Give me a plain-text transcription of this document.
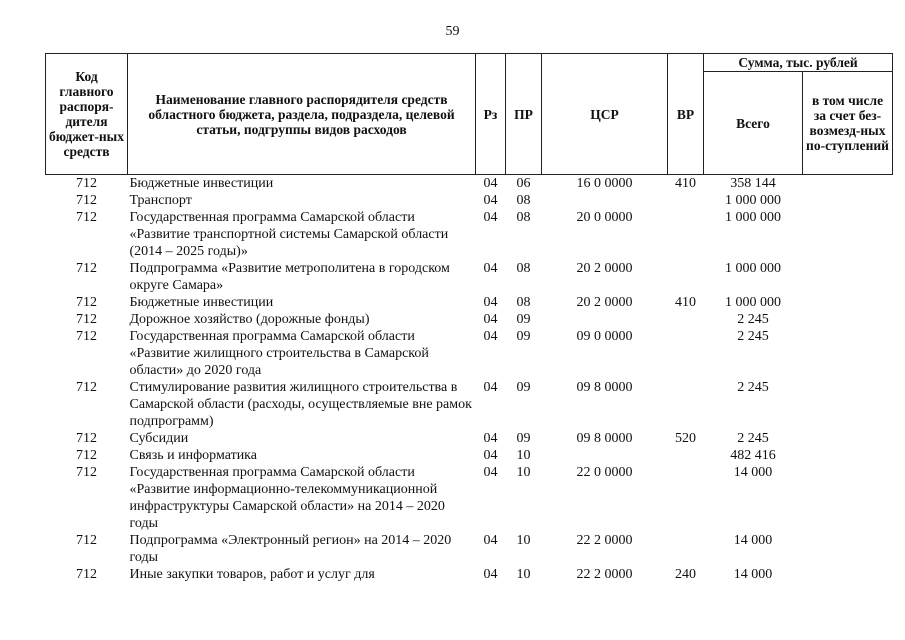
59
Код главного распоря-дителя бюджет-ных средств	Наименование главного распорядителя средств областного бюджета, раздела, подраздела, целевой статьи, подгруппы видов расходов	Рз	ПР	ЦСР	ВР	Сумма, тыс. рублей	
						Всего	в том числе за счет без-возмезд-ных по-ступлений
712	Бюджетные инвестиции	04	06	16 0 0000	410	358 144	
712	Транспорт	04	08			1 000 000	
712	Государственная программа Самарской области «Развитие транспортной системы Самарской области (2014 – 2025 годы)»	04	08	20 0 0000		1 000 000	
712	Подпрограмма «Развитие метрополитена в городском округе Самара»	04	08	20 2 0000		1 000 000	
712	Бюджетные инвестиции	04	08	20 2 0000	410	1 000 000	
712	Дорожное хозяйство (дорожные фонды)	04	09			2 245	
712	Государственная программа Самарской области «Развитие жилищного строительства в Самарской области» до 2020 года	04	09	09 0 0000		2 245	
712	Стимулирование развития жилищного строительства в Самарской области (расходы, осуществляемые вне рамок подпрограмм)	04	09	09 8 0000		2 245	
712	Субсидии	04	09	09 8 0000	520	2 245	
712	Связь и информатика	04	10			482 416	
712	Государственная программа Самарской области «Развитие информационно-телекоммуникационной инфраструктуры Самарской области» на 2014 – 2020 годы	04	10	22 0 0000		14 000	
712	Подпрограмма «Электронный регион» на 2014 – 2020 годы	04	10	22 2 0000		14 000	
712	Иные закупки товаров, работ и услуг для	04	10	22 2 0000	240	14 000	
